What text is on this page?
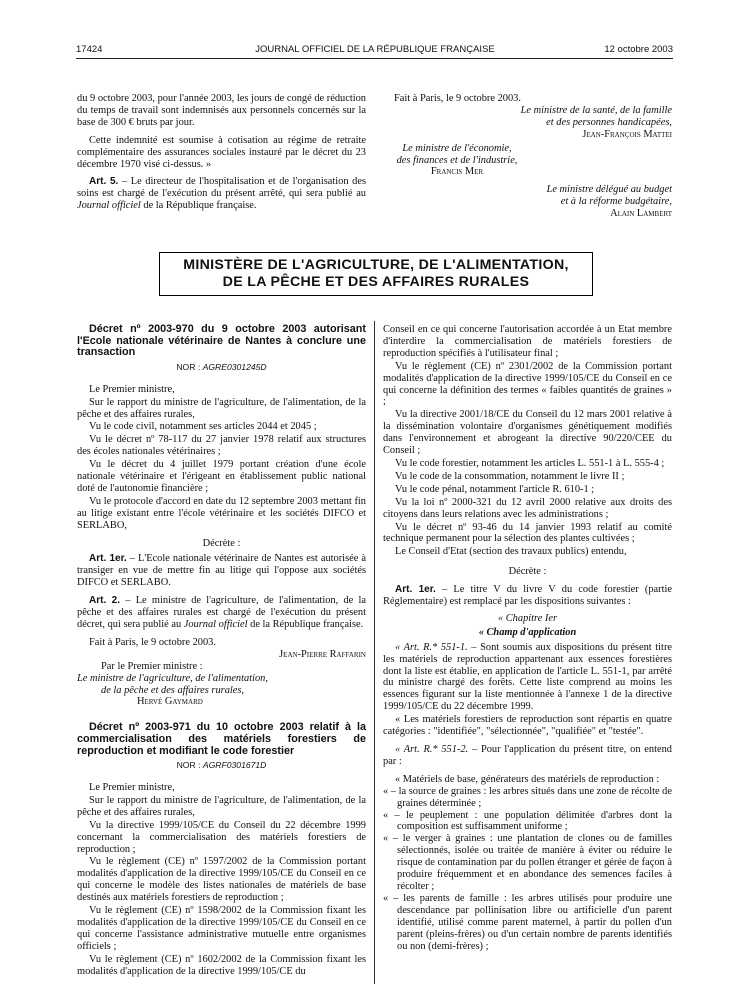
17424	JOURNAL OFFICIEL DE LA RÉPUBLIQUE FRANÇAISE	12 octobre 2003

du 9 octobre 2003, pour l'année 2003, les jours de congé de réduction du temps de travail sont indemnisés aux personnels concernés sur la base de 300 € bruts par jour.

Cette indemnité est soumise à cotisation au régime de retraite complémentaire des assurances sociales instauré par le décret du 23 décembre 1970 visé ci-dessus. »

Art. 5. – Le directeur de l'hospitalisation et de l'organisation des soins est chargé de l'exécution du présent arrêté, qui sera publié au Journal officiel de la République française.

Fait à Paris, le 9 octobre 2003.

Le ministre de la santé, de la famille

et des personnes handicapées,

Jean-François Mattei

Le ministre de l'économie,

des finances et de l'industrie,

Francis Mer

Le ministre délégué au budget

et à la réforme budgétaire,

Alain Lambert

MINISTÈRE DE L'AGRICULTURE, DE L'ALIMENTATION,
DE LA PÊCHE ET DES AFFAIRES RURALES

Décret nº 2003-970 du 9 octobre 2003 autorisant l'Ecole nationale vétérinaire de Nantes à conclure une transaction

NOR : AGRE0301245D

Le Premier ministre,

Sur le rapport du ministre de l'agriculture, de l'alimentation, de la pêche et des affaires rurales,

Vu le code civil, notamment ses articles 2044 et 2045 ;

Vu le décret nº 78-117 du 27 janvier 1978 relatif aux structures des écoles nationales vétérinaires ;

Vu le décret du 4 juillet 1979 portant création d'une école nationale vétérinaire et l'érigeant en établissement public national doté de l'autonomie financière ;

Vu le protocole d'accord en date du 12 septembre 2003 mettant fin au litige existant entre l'école vétérinaire et les sociétés DIFCO et SERLABO,

Décrète :

Art. 1er. – L'Ecole nationale vétérinaire de Nantes est autorisée à transiger en vue de mettre fin au litige qui l'oppose aux sociétés DIFCO et SERLABO.

Art. 2. – Le ministre de l'agriculture, de l'alimentation, de la pêche et des affaires rurales est chargé de l'exécution du présent décret, qui sera publié au Journal officiel de la République française.

Fait à Paris, le 9 octobre 2003.

Jean-Pierre Raffarin

Par le Premier ministre :

Le ministre de l'agriculture, de l'alimentation,

de la pêche et des affaires rurales,

Hervé Gaymard

Décret nº 2003-971 du 10 octobre 2003 relatif à la commercialisation des matériels forestiers de reproduction et modifiant le code forestier

NOR : AGRF0301671D

Le Premier ministre,

Sur le rapport du ministre de l'agriculture, de l'alimentation, de la pêche et des affaires rurales,

Vu la directive 1999/105/CE du Conseil du 22 décembre 1999 concernant la commercialisation des matériels forestiers de reproduction ;

Vu le règlement (CE) nº 1597/2002 de la Commission portant modalités d'application de la directive 1999/105/CE du Conseil en ce qui concerne le modèle des listes nationales de matériels de base destinés aux matériels forestiers de reproduction ;

Vu le règlement (CE) nº 1598/2002 de la Commission fixant les modalités d'application de la directive 1999/105/CE du Conseil en ce qui concerne l'assistance administrative mutuelle entre organismes officiels ;

Vu le règlement (CE) nº 1602/2002 de la Commission fixant les modalités d'application de la directive 1999/105/CE du

Conseil en ce qui concerne l'autorisation accordée à un Etat membre d'interdire la commercialisation de matériels forestiers de reproduction spécifiés à l'utilisateur final ;

Vu le règlement (CE) nº 2301/2002 de la Commission portant modalités d'application de la directive 1999/105/CE du Conseil en ce qui concerne la définition des termes « faibles quantités de graines » ;

Vu la directive 2001/18/CE du Conseil du 12 mars 2001 relative à la dissémination volontaire d'organismes génétiquement modifiés dans l'environnement et abrogeant la directive 90/220/CEE du Conseil ;

Vu le code forestier, notamment les articles L. 551-1 à L. 555-4 ;

Vu le code de la consommation, notamment le livre II ;

Vu le code pénal, notamment l'article R. 610-1 ;

Vu la loi nº 2000-321 du 12 avril 2000 relative aux droits des citoyens dans leurs relations avec les administrations ;

Vu le décret nº 93-46 du 14 janvier 1993 relatif au comité technique permanent pour la sélection des plantes cultivées ;

Le Conseil d'Etat (section des travaux publics) entendu,

Décrète :

Art. 1er. – Le titre V du livre V du code forestier (partie Réglementaire) est remplacé par les dispositions suivantes :

« Chapitre Ier

« Champ d'application

« Art. R.* 551-1. – Sont soumis aux dispositions du présent titre les matériels de reproduction appartenant aux essences forestières dont la liste est établie, en application de l'article L. 551-1, par arrêté du ministre chargé des forêts. Cette liste comprend au moins les essences figurant sur la liste mentionnée à l'annexe 1 de la directive 1999/105/CE du 22 décembre 1999.

« Les matériels forestiers de reproduction sont répartis en quatre catégories : "identifiée", "sélectionnée", "qualifiée" et "testée".

« Art. R.* 551-2. – Pour l'application du présent titre, on entend par :

« Matériels de base, générateurs des matériels de reproduction :

« – la source de graines : les arbres situés dans une zone de récolte de graines déterminée ;

« – le peuplement : une population délimitée d'arbres dont la composition est suffisamment uniforme ;

« – le verger à graines : une plantation de clones ou de familles sélectionnés, isolée ou traitée de manière à éviter ou réduire le risque de contamination par du pollen étranger et gérée de façon à produire fréquemment et en abondance des semences faciles à récolter ;

« – les parents de famille : les arbres utilisés pour produire une descendance par pollinisation libre ou artificielle d'un parent identifié, utilisé comme parent maternel, à partir du pollen d'un parent (pleins-frères) ou d'un certain nombre de parents identifiés ou non (demi-frères) ;
